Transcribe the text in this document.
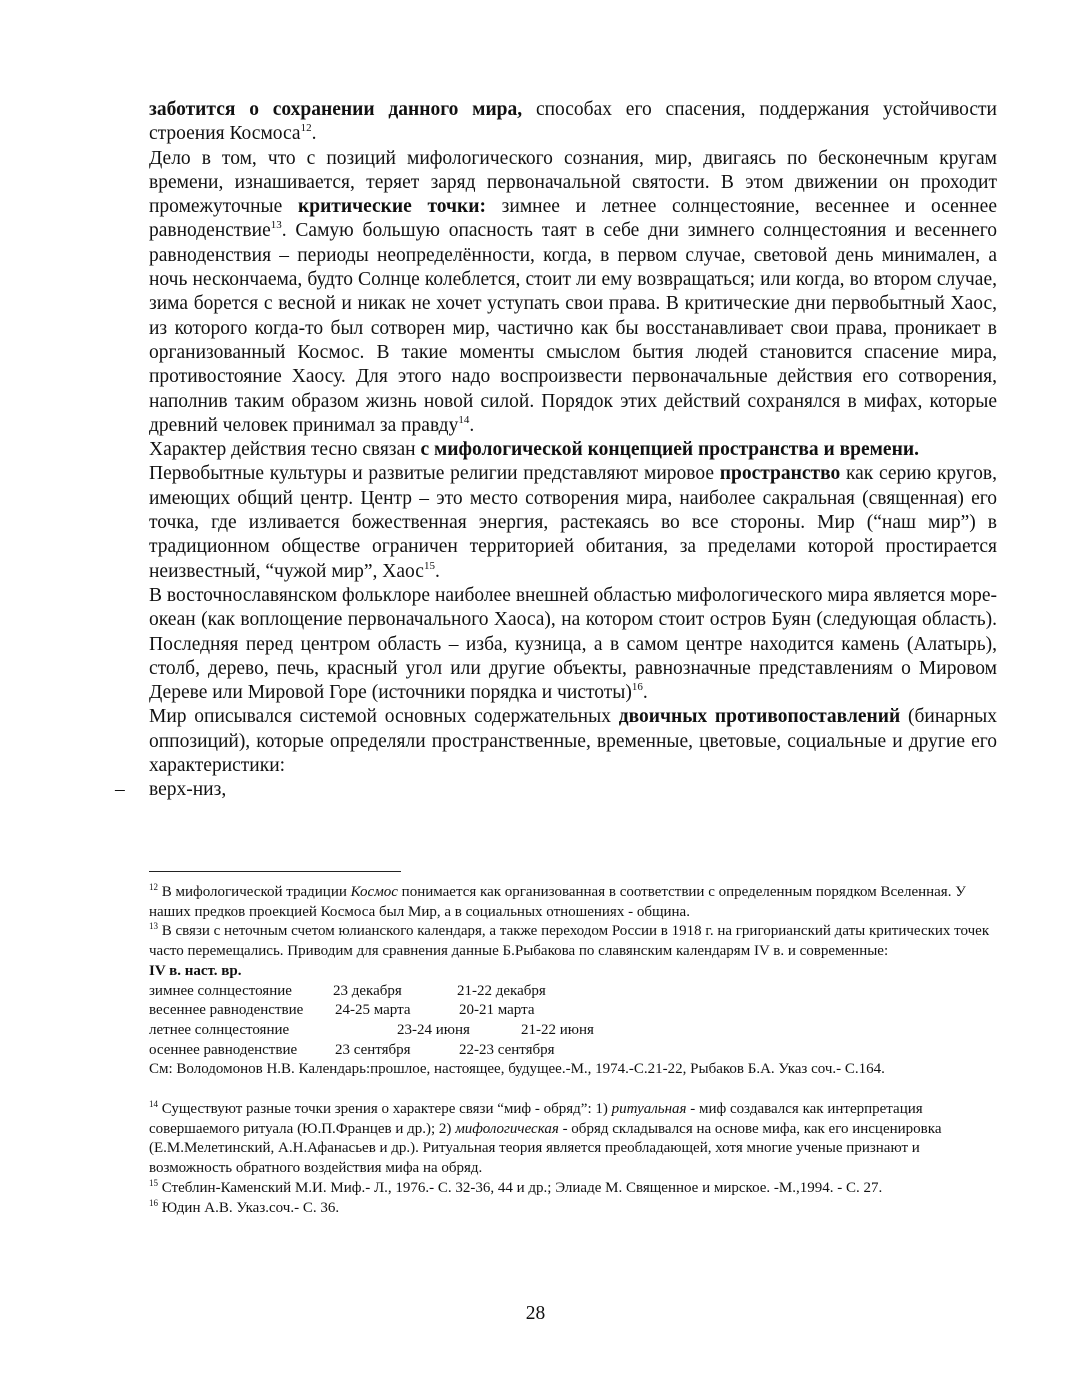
заботится о сохранении данного мира, способах его спасения, поддержания устойчивости строения Космоса$^{12}$.

Дело в том, что с позиций мифологического сознания, мир, двигаясь по бесконечным кругам времени, изнашивается, теряет заряд первоначальной святости. В этом движении он проходит промежуточные критические точки: зимнее и летнее солнцестояние, весеннее и осеннее равноденствие$^{13}$. Самую большую опасность таят в себе дни зимнего солнцестояния и весеннего равноденствия – периоды неопределённости, когда, в первом случае, световой день минимален, а ночь нескончаема, будто Солнце колеблется, стоит ли ему возвращаться; или когда, во втором случае, зима борется с весной и никак не хочет уступать свои права. В критические дни первобытный Хаос, из которого когда-то был сотворен мир, частично как бы восстанавливает свои права, проникает в организованный Космос. В такие моменты смыслом бытия людей становится спасение мира, противостояние Хаосу. Для этого надо воспроизвести первоначальные действия его сотворения, наполнив таким образом жизнь новой силой. Порядок этих действий сохранялся в мифах, которые древний человек принимал за правду$^{14}$.

Характер действия тесно связан с мифологической концепцией пространства и времени.

Первобытные культуры и развитые религии представляют мировое пространство как серию кругов, имеющих общий центр. Центр – это место сотворения мира, наиболее сакральная (священная) его точка, где изливается божественная энергия, растекаясь во все стороны. Мир (“наш мир”) в традиционном обществе ограничен территорией обитания, за пределами которой простирается неизвестный, “чужой мир”, Хаос$^{15}$.

В восточнославянском фольклоре наиболее внешней областью мифологического мира является море-океан (как воплощение первоначального Хаоса), на котором стоит остров Буян (следующая область). Последняя перед центром область – изба, кузница, а в самом центре находится камень (Алатырь), столб, дерево, печь, красный угол или другие объекты, равнозначные представлениям о Мировом Дереве или Мировой Горе (источники порядка и чистоты)$^{16}$.

Мир описывался системой основных содержательных двоичных противопоставлений (бинарных оппозиций), которые определяли пространственные, временные, цветовые, социальные и другие его характеристики:

– верх-низ,

$^{12}$ В мифологической традиции Космос понимается как организованная в соответствии с определенным порядком Вселенная. У наших предков проекцией Космоса был Мир, а в социальных отношениях - община.

$^{13}$ В связи с неточным счетом юлианского календаря, а также переходом России в 1918 г. на григорианский даты критических точек часто перемещались. Приводим для сравнения данные Б.Рыбакова по славянским календарям IV в. и современные:

IV в. наст. вр.

зимнее солнцестояние	23 декабря	21-22 декабря
весеннее равноденствие	24-25 марта	20-21 марта
летнее солнцестояние	23-24 июня	21-22 июня
осеннее равноденствие	23 сентября	22-23 сентября

См: Володомонов Н.В. Календарь:прошлое, настоящее, будущее.-М., 1974.-С.21-22, Рыбаков Б.А. Указ соч.- С.164.

$^{14}$ Существуют разные точки зрения о характере связи “миф - обряд”: 1) ритуальная - миф создавался как интерпретация совершаемого ритуала (Ю.П.Францев и др.); 2) мифологическая - обряд складывался на основе мифа, как его инсценировка (Е.М.Мелетинский, А.Н.Афанасьев и др.). Ритуальная теория является преобладающей, хотя многие ученые признают и возможность обратного воздействия мифа на обряд.

$^{15}$ Стеблин-Каменский М.И. Миф.- Л., 1976.- С. 32-36, 44 и др.; Элиаде М. Священное и мирское. -М.,1994. - С. 27.

$^{16}$ Юдин А.В. Указ.соч.- С. 36.

28
